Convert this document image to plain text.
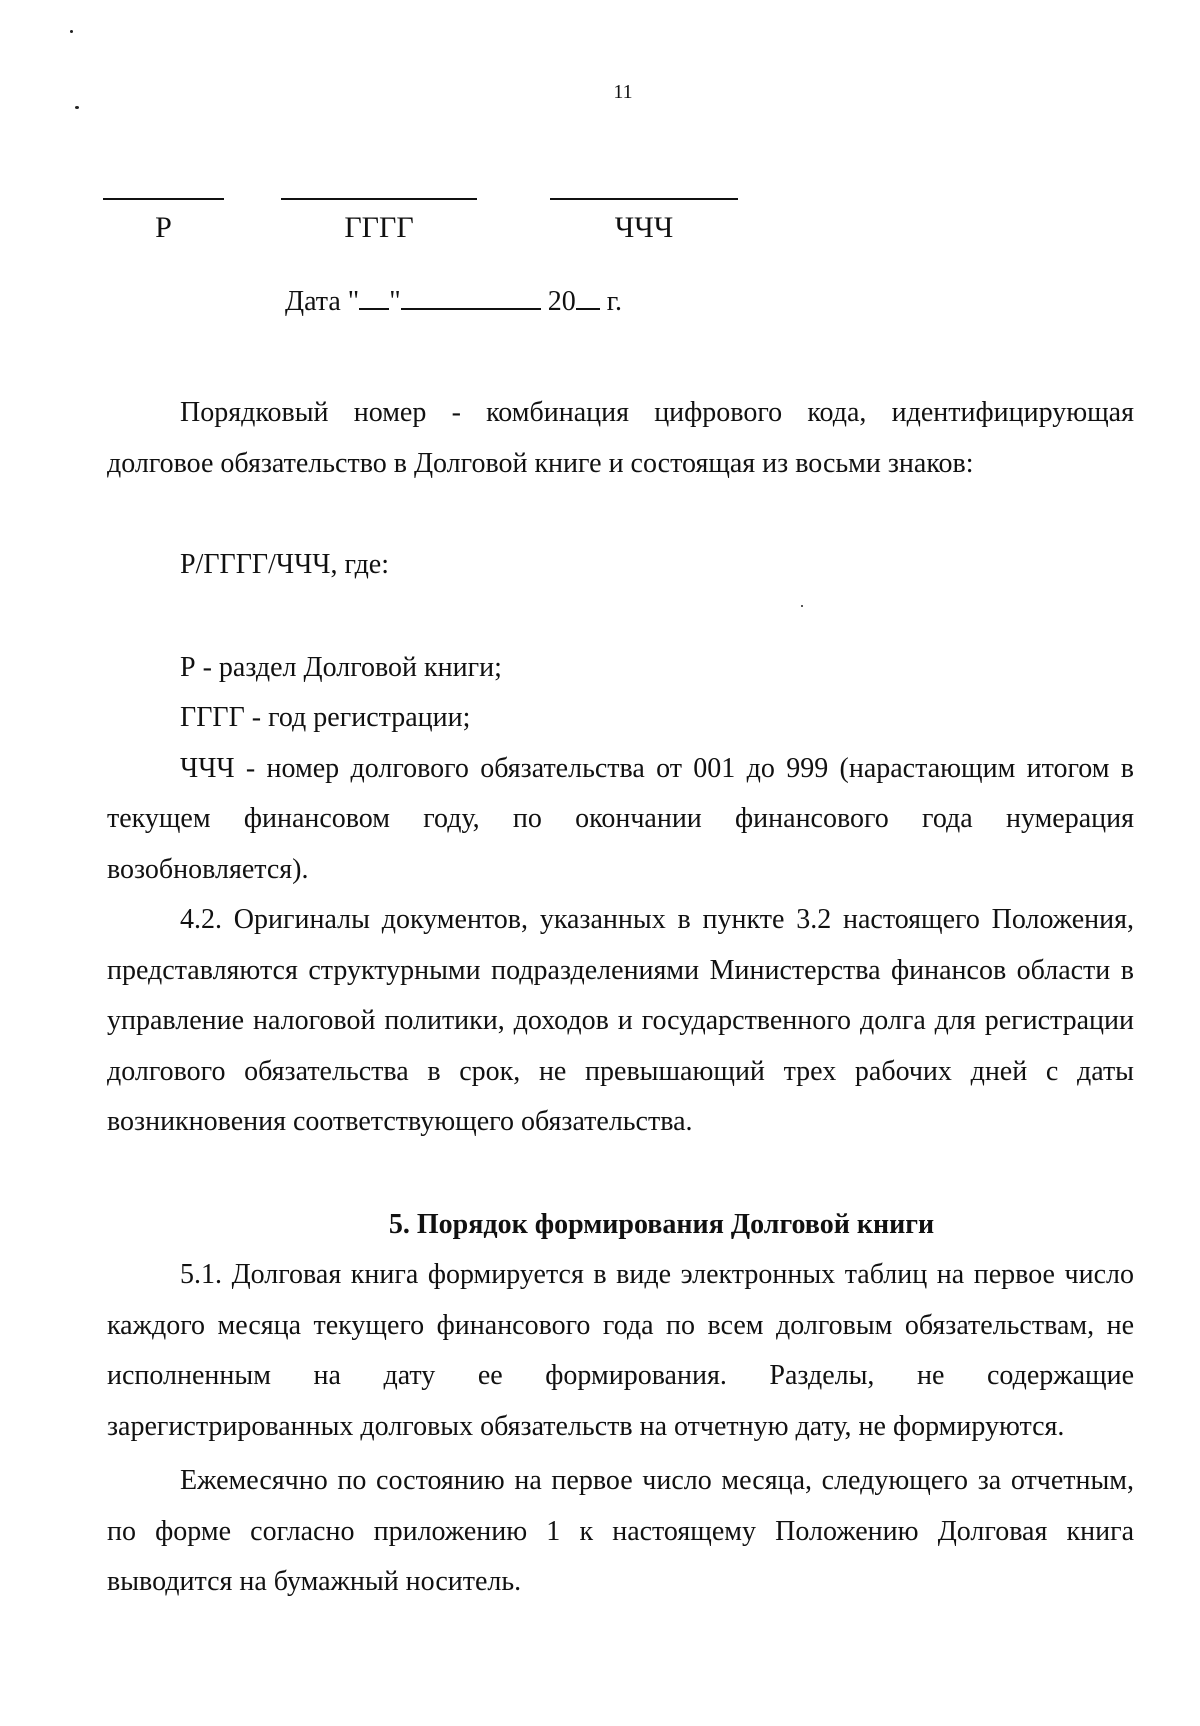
11
Р	ГГГГ	ЧЧЧ
Дата " "	20 г.

Порядковый номер - комбинация цифрового кода, идентифицирующая долговое обязательство в Долговой книге и состоящая из восьми знаков:

Р/ГГГГ/ЧЧЧ, где:

Р - раздел Долговой книги;

ГГГГ - год регистрации;

ЧЧЧ - номер долгового обязательства от 001 до 999 (нарастающим итогом в текущем финансовом году, по окончании финансового года нумерация возобновляется).

4.2. Оригиналы документов, указанных в пункте 3.2 настоящего Положения, представляются структурными подразделениями Министерства финансов области в управление налоговой политики, доходов и государственного долга для регистрации долгового обязательства в срок, не превышающий трех рабочих дней с даты возникновения соответствующего обязательства.

5. Порядок формирования Долговой книги

5.1. Долговая книга формируется в виде электронных таблиц на первое число каждого месяца текущего финансового года по всем долговым обязательствам, не исполненным на дату ее формирования. Разделы, не содержащие зарегистрированных долговых обязательств на отчетную дату, не формируются.

Ежемесячно по состоянию на первое число месяца, следующего за отчетным, по форме согласно приложению 1 к настоящему Положению Долговая книга выводится на бумажный носитель.
